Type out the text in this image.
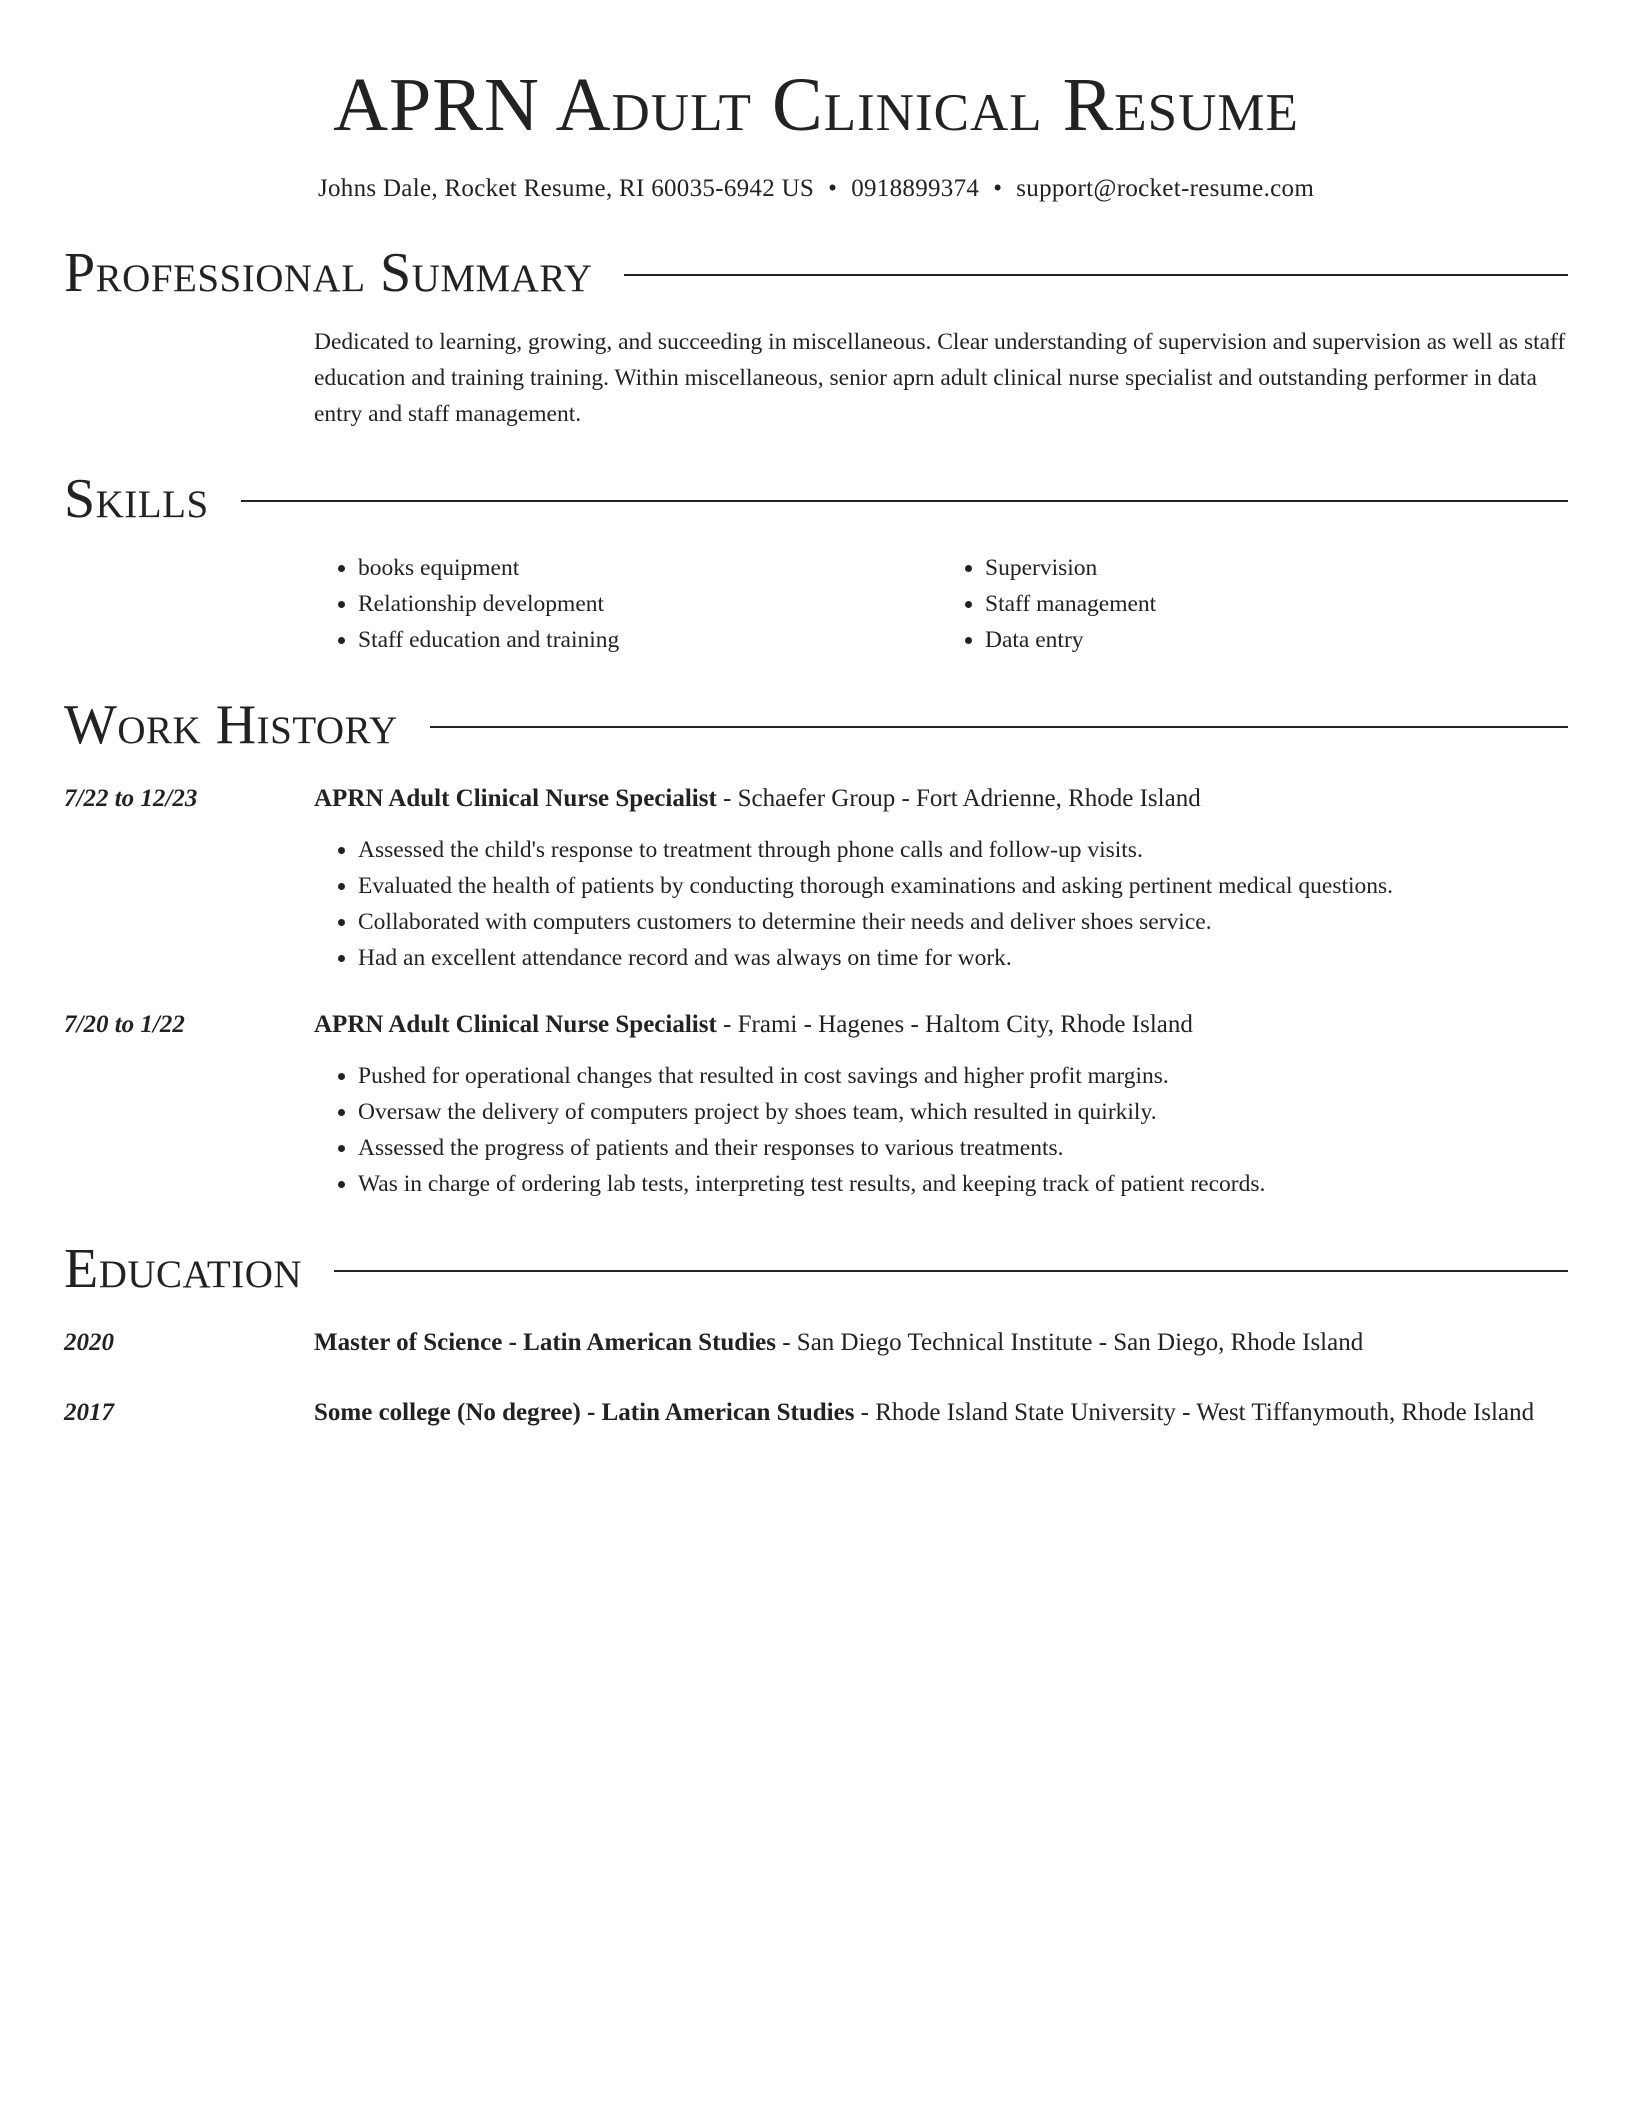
APRN Adult Clinical Resume
Johns Dale, Rocket Resume, RI 60035-6942 US • 0918899374 • support@rocket-resume.com
Professional Summary
Dedicated to learning, growing, and succeeding in miscellaneous. Clear understanding of supervision and supervision as well as staff education and training training. Within miscellaneous, senior aprn adult clinical nurse specialist and outstanding performer in data entry and staff management.
Skills
• books equipment
• Relationship development
• Staff education and training
• Supervision
• Staff management
• Data entry
Work History
7/22 to 12/23	APRN Adult Clinical Nurse Specialist - Schaefer Group - Fort Adrienne, Rhode Island
• Assessed the child's response to treatment through phone calls and follow-up visits.
• Evaluated the health of patients by conducting thorough examinations and asking pertinent medical questions.
• Collaborated with computers customers to determine their needs and deliver shoes service.
• Had an excellent attendance record and was always on time for work.
7/20 to 1/22	APRN Adult Clinical Nurse Specialist - Frami - Hagenes - Haltom City, Rhode Island
• Pushed for operational changes that resulted in cost savings and higher profit margins.
• Oversaw the delivery of computers project by shoes team, which resulted in quirkily.
• Assessed the progress of patients and their responses to various treatments.
• Was in charge of ordering lab tests, interpreting test results, and keeping track of patient records.
Education
2020	Master of Science - Latin American Studies - San Diego Technical Institute - San Diego, Rhode Island
2017	Some college (No degree) - Latin American Studies - Rhode Island State University - West Tiffanymouth, Rhode Island
